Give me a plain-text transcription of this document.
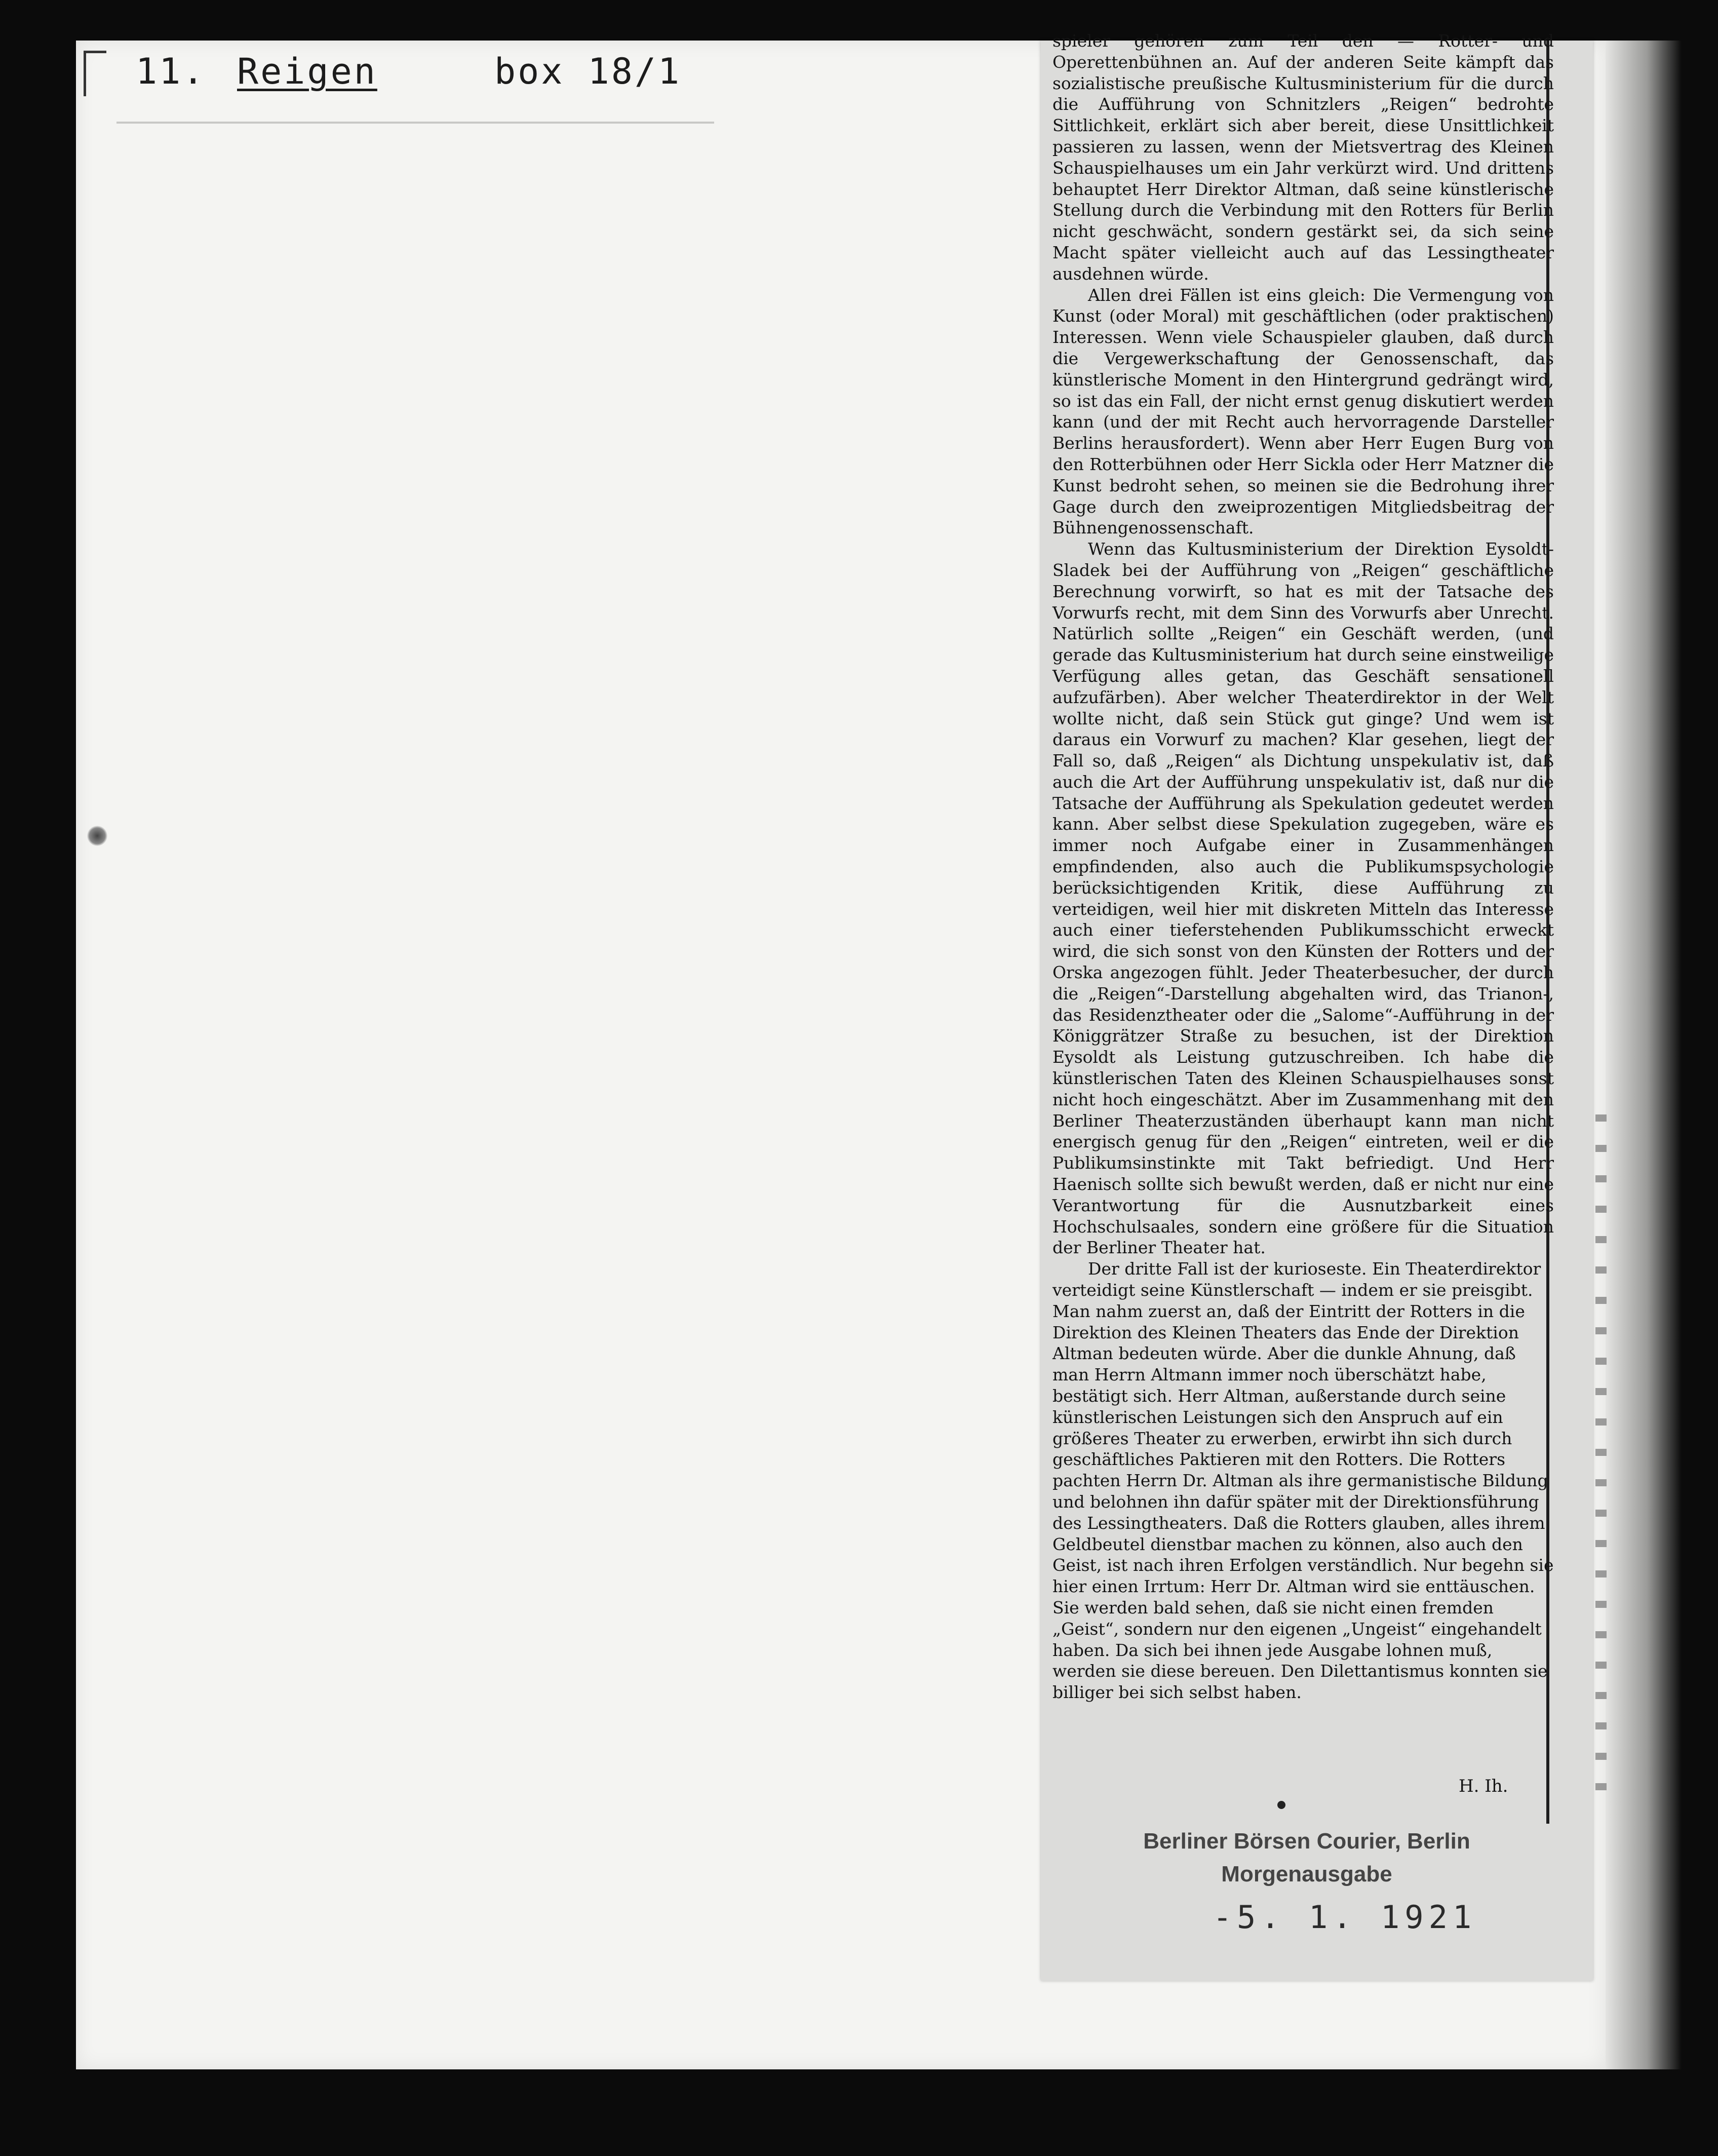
11. Reigen	box 18/1

spieler gehören zum Teil den — Rotter- und Operettenbühnen an. Auf der anderen Seite kämpft das sozialistische preußische Kultusministerium für die durch die Aufführung von Schnitzlers „Reigen“ bedrohte Sittlichkeit, erklärt sich aber bereit, diese Unsittlichkeit passieren zu lassen, wenn der Mietsvertrag des Kleinen Schauspielhauses um ein Jahr verkürzt wird. Und drittens behauptet Herr Direktor Altman, daß seine künstlerische Stellung durch die Verbindung mit den Rotters für Berlin nicht geschwächt, sondern gestärkt sei, da sich seine Macht später vielleicht auch auf das Lessingtheater ausdehnen würde.

Allen drei Fällen ist eins gleich: Die Vermengung von Kunst (oder Moral) mit geschäftlichen (oder praktischen) Interessen. Wenn viele Schauspieler glauben, daß durch die Vergewerkschaftung der Genossenschaft, das künstlerische Moment in den Hintergrund gedrängt wird, so ist das ein Fall, der nicht ernst genug diskutiert werden kann (und der mit Recht auch hervorragende Darsteller Berlins herausfordert). Wenn aber Herr Eugen Burg von den Rotterbühnen oder Herr Sickla oder Herr Matzner die Kunst bedroht sehen, so meinen sie die Bedrohung ihrer Gage durch den zweiprozentigen Mitgliedsbeitrag der Bühnengenossenschaft.

Wenn das Kultusministerium der Direktion Eysoldt-Sladek bei der Aufführung von „Reigen“ geschäftliche Berechnung vorwirft, so hat es mit der Tatsache des Vorwurfs recht, mit dem Sinn des Vorwurfs aber Unrecht. Natürlich sollte „Reigen“ ein Geschäft werden, (und gerade das Kultusministerium hat durch seine einstweilige Verfügung alles getan, das Geschäft sensationell aufzufärben). Aber welcher Theaterdirektor in der Welt wollte nicht, daß sein Stück gut ginge? Und wem ist daraus ein Vorwurf zu machen? Klar gesehen, liegt der Fall so, daß „Reigen“ als Dichtung unspekulativ ist, daß auch die Art der Aufführung unspekulativ ist, daß nur die Tatsache der Aufführung als Spekulation gedeutet werden kann. Aber selbst diese Spekulation zugegeben, wäre es immer noch Aufgabe einer in Zusammenhängen empfindenden, also auch die Publikumspsychologie berücksichtigenden Kritik, diese Aufführung zu verteidigen, weil hier mit diskreten Mitteln das Interesse auch einer tieferstehenden Publikumsschicht erweckt wird, die sich sonst von den Künsten der Rotters und der Orska angezogen fühlt. Jeder Theaterbesucher, der durch die „Reigen“-Darstellung abgehalten wird, das Trianon-, das Residenztheater oder die „Salome“-Aufführung in der Königgrätzer Straße zu besuchen, ist der Direktion Eysoldt als Leistung gutzuschreiben. Ich habe die künstlerischen Taten des Kleinen Schauspielhauses sonst nicht hoch eingeschätzt. Aber im Zusammenhang mit den Berliner Theaterzuständen überhaupt kann man nicht energisch genug für den „Reigen“ eintreten, weil er die Publikumsinstinkte mit Takt befriedigt. Und Herr Haenisch sollte sich bewußt werden, daß er nicht nur eine Verantwortung für die Ausnutzbarkeit eines Hochschulsaales, sondern eine größere für die Situation der Berliner Theater hat.

Der dritte Fall ist der kurioseste. Ein Theaterdirektor verteidigt seine Künstlerschaft — indem er sie preisgibt. Man nahm zuerst an, daß der Eintritt der Rotters in die Direktion des Kleinen Theaters das Ende der Direktion Altman bedeuten würde. Aber die dunkle Ahnung, daß man Herrn Altmann immer noch überschätzt habe, bestätigt sich. Herr Altman, außerstande durch seine künstlerischen Leistungen sich den Anspruch auf ein größeres Theater zu erwerben, erwirbt ihn sich durch geschäftliches Paktieren mit den Rotters. Die Rotters pachten Herrn Dr. Altman als ihre germanistische Bildung und belohnen ihn dafür später mit der Direktionsführung des Lessingtheaters. Daß die Rotters glauben, alles ihrem Geldbeutel dienstbar machen zu können, also auch den Geist, ist nach ihren Erfolgen verständlich. Nur begehn sie hier einen Irrtum: Herr Dr. Altman wird sie enttäuschen. Sie werden bald sehen, daß sie nicht einen fremden „Geist“, sondern nur den eigenen „Ungeist“ eingehandelt haben. Da sich bei ihnen jede Ausgabe lohnen muß, werden sie diese bereuen. Den Dilettantismus konnten sie billiger bei sich selbst haben.

H. Ih.
Berliner Börsen Courier, Berlin
Morgenausgabe
-5. 1. 1921
